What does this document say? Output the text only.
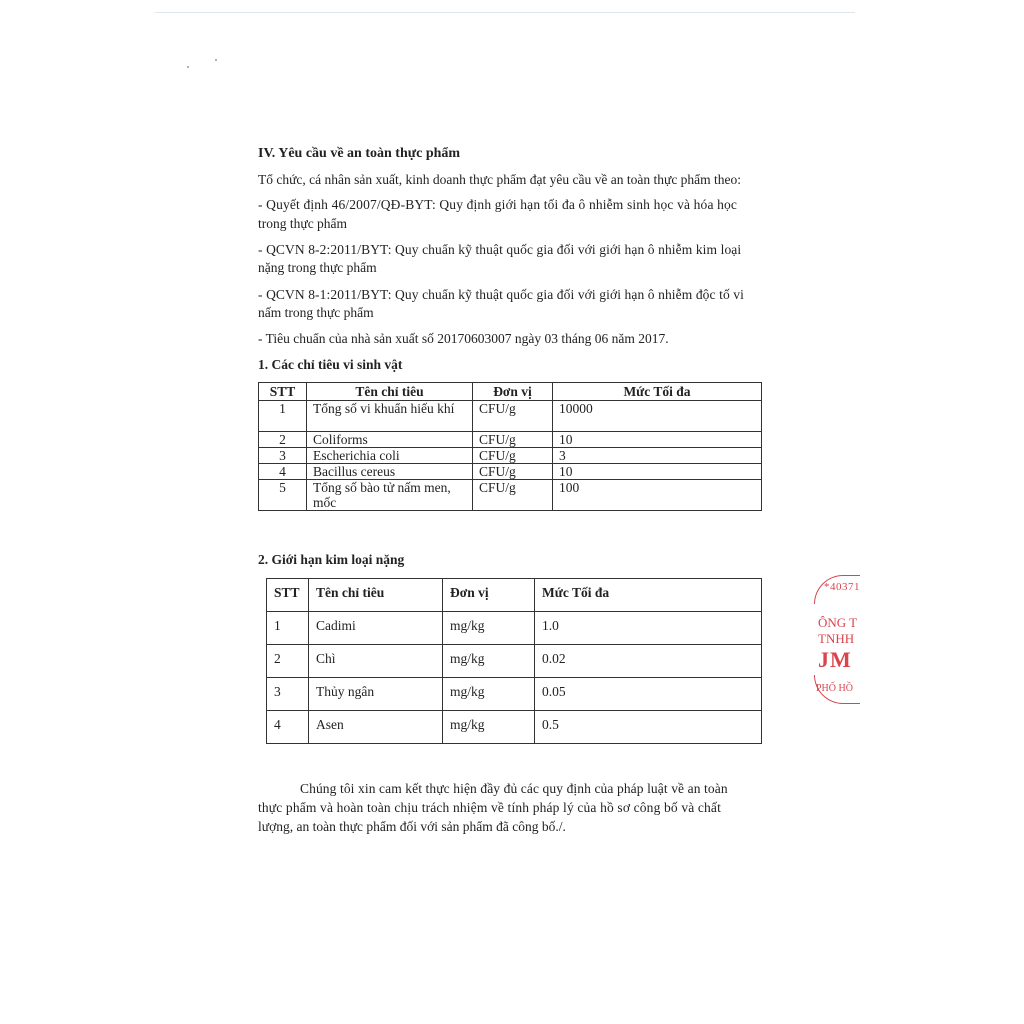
IV. Yêu cầu về an toàn thực phẩm
Tổ chức, cá nhân sản xuất, kinh doanh thực phẩm đạt yêu cầu về an toàn thực phẩm theo:
- Quyết định 46/2007/QĐ-BYT: Quy định giới hạn tối đa ô nhiễm sinh học và hóa học
trong thực phẩm
- QCVN 8-2:2011/BYT: Quy chuẩn kỹ thuật quốc gia đối với giới hạn ô nhiễm kim loại
nặng trong thực phẩm
- QCVN 8-1:2011/BYT: Quy chuẩn kỹ thuật quốc gia đối với giới hạn ô nhiễm độc tố vi
nấm trong thực phẩm
- Tiêu chuẩn của nhà sản xuất số 20170603007 ngày 03 tháng 06 năm 2017.
1. Các chỉ tiêu vi sinh vật
STT	Tên chỉ tiêu	Đơn vị	Mức Tối đa
1	Tổng số vi khuẩn hiếu khí	CFU/g	10000
2	Coliforms	CFU/g	10
3	Escherichia coli	CFU/g	3
4	Bacillus cereus	CFU/g	10
5	Tổng số bào tử nấm men, mốc	CFU/g	100
2. Giới hạn kim loại nặng
STT	Tên chỉ tiêu	Đơn vị	Mức Tối đa
1	Cadimi	mg/kg	1.0
2	Chì	mg/kg	0.02
3	Thủy ngân	mg/kg	0.05
4	Asen	mg/kg	0.5
Chúng tôi xin cam kết thực hiện đầy đủ các quy định của pháp luật về an toàn
thực phẩm và hoàn toàn chịu trách nhiệm về tính pháp lý của hồ sơ công bố và chất
lượng, an toàn thực phẩm đối với sản phẩm đã công bố./.
*40371
ÔNG T
TNHH
JM
PHỐ HỒ
